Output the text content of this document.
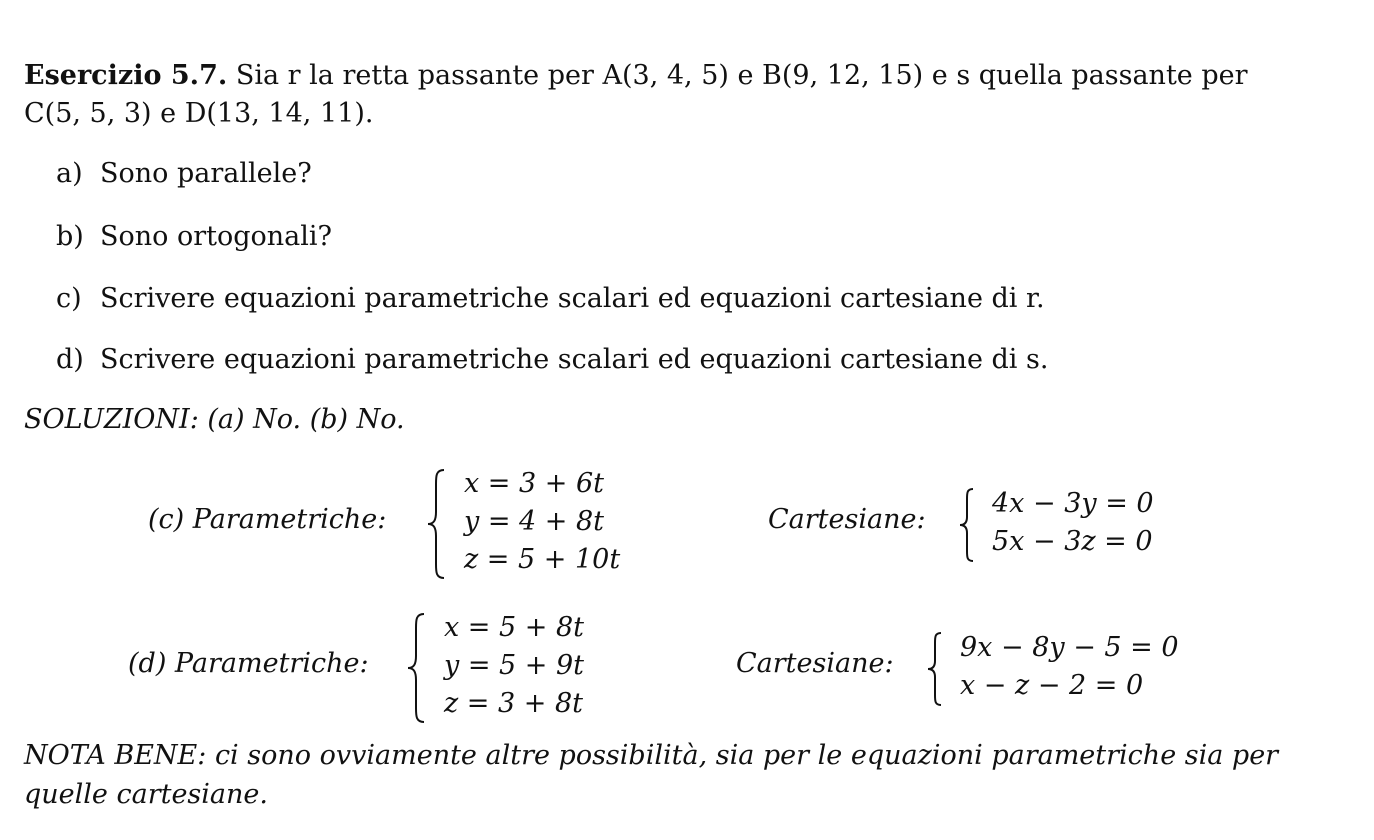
Esercizio 5.7. Sia r la retta passante per A(3, 4, 5) e B(9, 12, 15) e s quella passante per
C(5, 5, 3) e D(13, 14, 11).
a) Sono parallele?
b) Sono ortogonali?
c) Scrivere equazioni parametriche scalari ed equazioni cartesiane di r.
d) Scrivere equazioni parametriche scalari ed equazioni cartesiane di s.
SOLUZIONI: (a) No. (b) No.
(c) Parametriche:
x = 3 + 6t
y = 4 + 8t
z = 5 + 10t
Cartesiane:
4x − 3y = 0
5x − 3z = 0
(d) Parametriche:
x = 5 + 8t
y = 5 + 9t
z = 3 + 8t
Cartesiane:
9x − 8y − 5 = 0
x − z − 2 = 0
NOTA BENE: ci sono ovviamente altre possibilità, sia per le equazioni parametriche sia per
quelle cartesiane.
